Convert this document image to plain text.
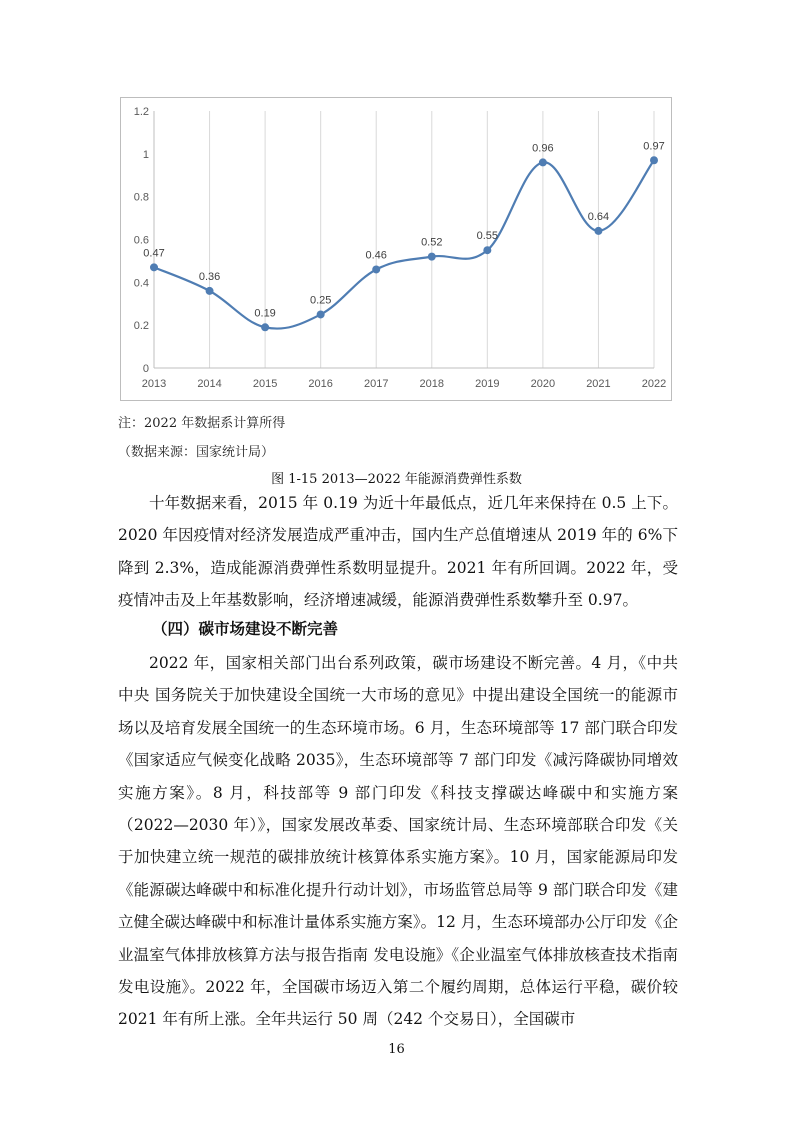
0
0.2
0.4
0.6
0.8
1
1.2
2013	2014	2015	2016	2017	2018	2019	2020	2021	2022
0.47
0.36
0.19
0.25
0.46
0.52
0.55
0.96
0.64
0.97
注：2022 年数据系计算所得
（数据来源：国家统计局）
图 1-15 2013—2022 年能源消费弹性系数

十年数据来看，2015 年 0.19 为近十年最低点，近几年来保持在 0.5 上下。2020 年因疫情对经济发展造成严重冲击，国内生产总值增速从 2019 年的 6%下降到 2.3%，造成能源消费弹性系数明显提升。2021 年有所回调。2022 年，受疫情冲击及上年基数影响，经济增速减缓，能源消费弹性系数攀升至 0.97。

（四）碳市场建设不断完善

2022 年，国家相关部门出台系列政策，碳市场建设不断完善。4 月，《中共中央 国务院关于加快建设全国统一大市场的意见》中提出建设全国统一的能源市场以及培育发展全国统一的生态环境市场。6 月，生态环境部等 17 部门联合印发《国家适应气候变化战略 2035》，生态环境部等 7 部门印发《减污降碳协同增效实施方案》。8 月，科技部等 9 部门印发《科技支撑碳达峰碳中和实施方案（2022—2030 年）》，国家发展改革委、国家统计局、生态环境部联合印发《关于加快建立统一规范的碳排放统计核算体系实施方案》。10 月，国家能源局印发《能源碳达峰碳中和标准化提升行动计划》，市场监管总局等 9 部门联合印发《建立健全碳达峰碳中和标准计量体系实施方案》。12 月，生态环境部办公厅印发《企业温室气体排放核算方法与报告指南 发电设施》《企业温室气体排放核查技术指南 发电设施》。2022 年，全国碳市场迈入第二个履约周期，总体运行平稳，碳价较 2021 年有所上涨。全年共运行 50 周（242 个交易日），全国碳市

16
